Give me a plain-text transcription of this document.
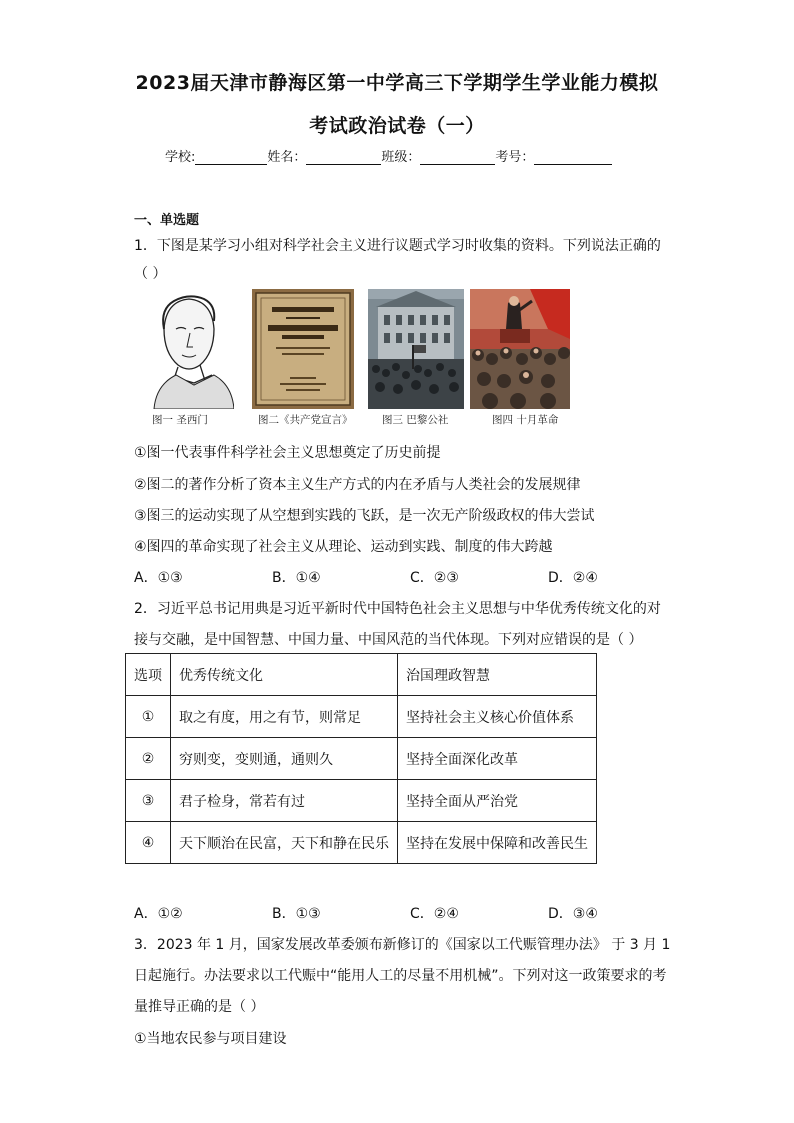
2023届天津市静海区第一中学高三下学期学生学业能力模拟
考试政治试卷（一）
学校:	姓名：	班级：	考号：
一、单选题
1．下图是某学习小组对科学社会主义进行议题式学习时收集的资料。下列说法正确的
（ ）
图一 圣西门	图二《共产党宣言》	图三 巴黎公社	图四 十月革命
①图一代表事件科学社会主义思想奠定了历史前提
②图二的著作分析了资本主义生产方式的内在矛盾与人类社会的发展规律
③图三的运动实现了从空想到实践的飞跃，是一次无产阶级政权的伟大尝试
④图四的革命实现了社会主义从理论、运动到实践、制度的伟大跨越
A．①③	B．①④	C．②③	D．②④
2．习近平总书记用典是习近平新时代中国特色社会主义思想与中华优秀传统文化的对
接与交融，是中国智慧、中国力量、中国风范的当代体现。下列对应错误的是（ ）
选项	优秀传统文化	治国理政智慧
①	取之有度，用之有节，则常足	坚持社会主义核心价值体系
②	穷则变，变则通，通则久	坚持全面深化改革
③	君子检身，常若有过	坚持全面从严治党
④	天下顺治在民富，天下和静在民乐	坚持在发展中保障和改善民生
A．①②	B．①③	C．②④	D．③④
3．2023 年 1 月，国家发展改革委颁布新修订的《国家以工代赈管理办法》 于 3 月 1
日起施行。办法要求以工代赈中“能用人工的尽量不用机械”。下列对这一政策要求的考
量推导正确的是（ ）
①当地农民参与项目建设
